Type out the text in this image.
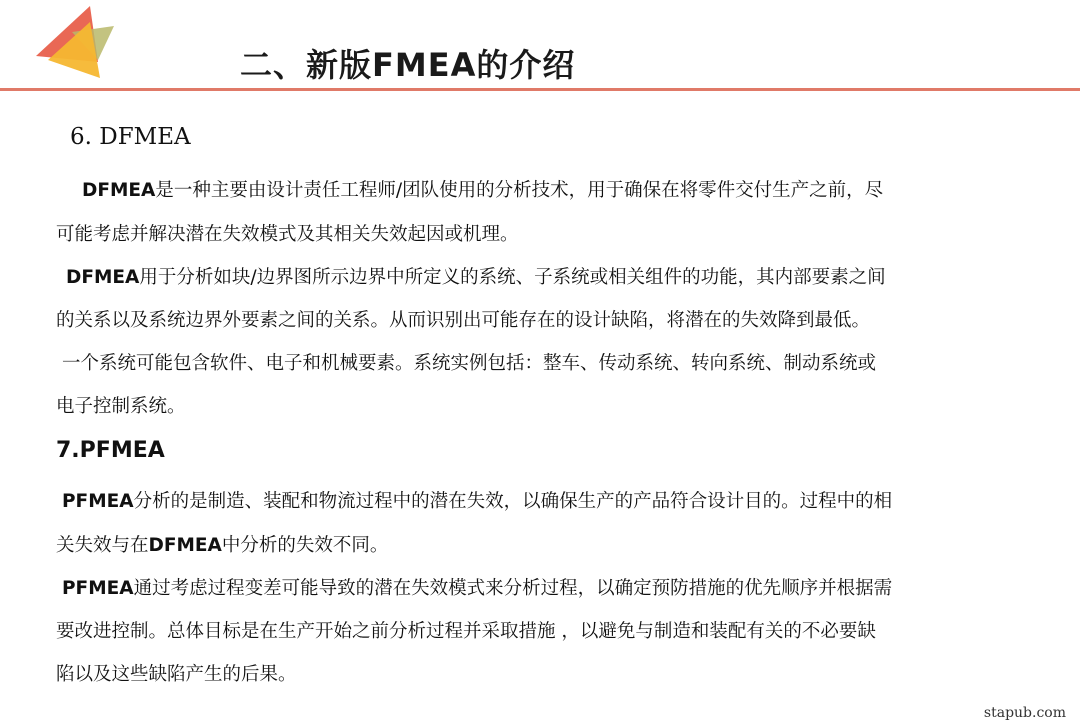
二、新版FMEA的介绍
6. DFMEA
DFMEA是一种主要由设计责任工程师/团队使用的分析技术，用于确保在将零件交付生产之前，尽
可能考虑并解决潜在失效模式及其相关失效起因或机理。
DFMEA用于分析如块/边界图所示边界中所定义的系统、子系统或相关组件的功能，其内部要素之间
的关系以及系统边界外要素之间的关系。从而识别出可能存在的设计缺陷，将潜在的失效降到最低。
一个系统可能包含软件、电子和机械要素。系统实例包括：整车、传动系统、转向系统、制动系统或
电子控制系统。
7.PFMEA
PFMEA分析的是制造、装配和物流过程中的潜在失效，以确保生产的产品符合设计目的。过程中的相
关失效与在DFMEA中分析的失效不同。
PFMEA通过考虑过程变差可能导致的潜在失效模式来分析过程，以确定预防措施的优先顺序并根据需
要改进控制。总体目标是在生产开始之前分析过程并采取措施 ，以避免与制造和装配有关的不必要缺
陷以及这些缺陷产生的后果。
stapub.com
